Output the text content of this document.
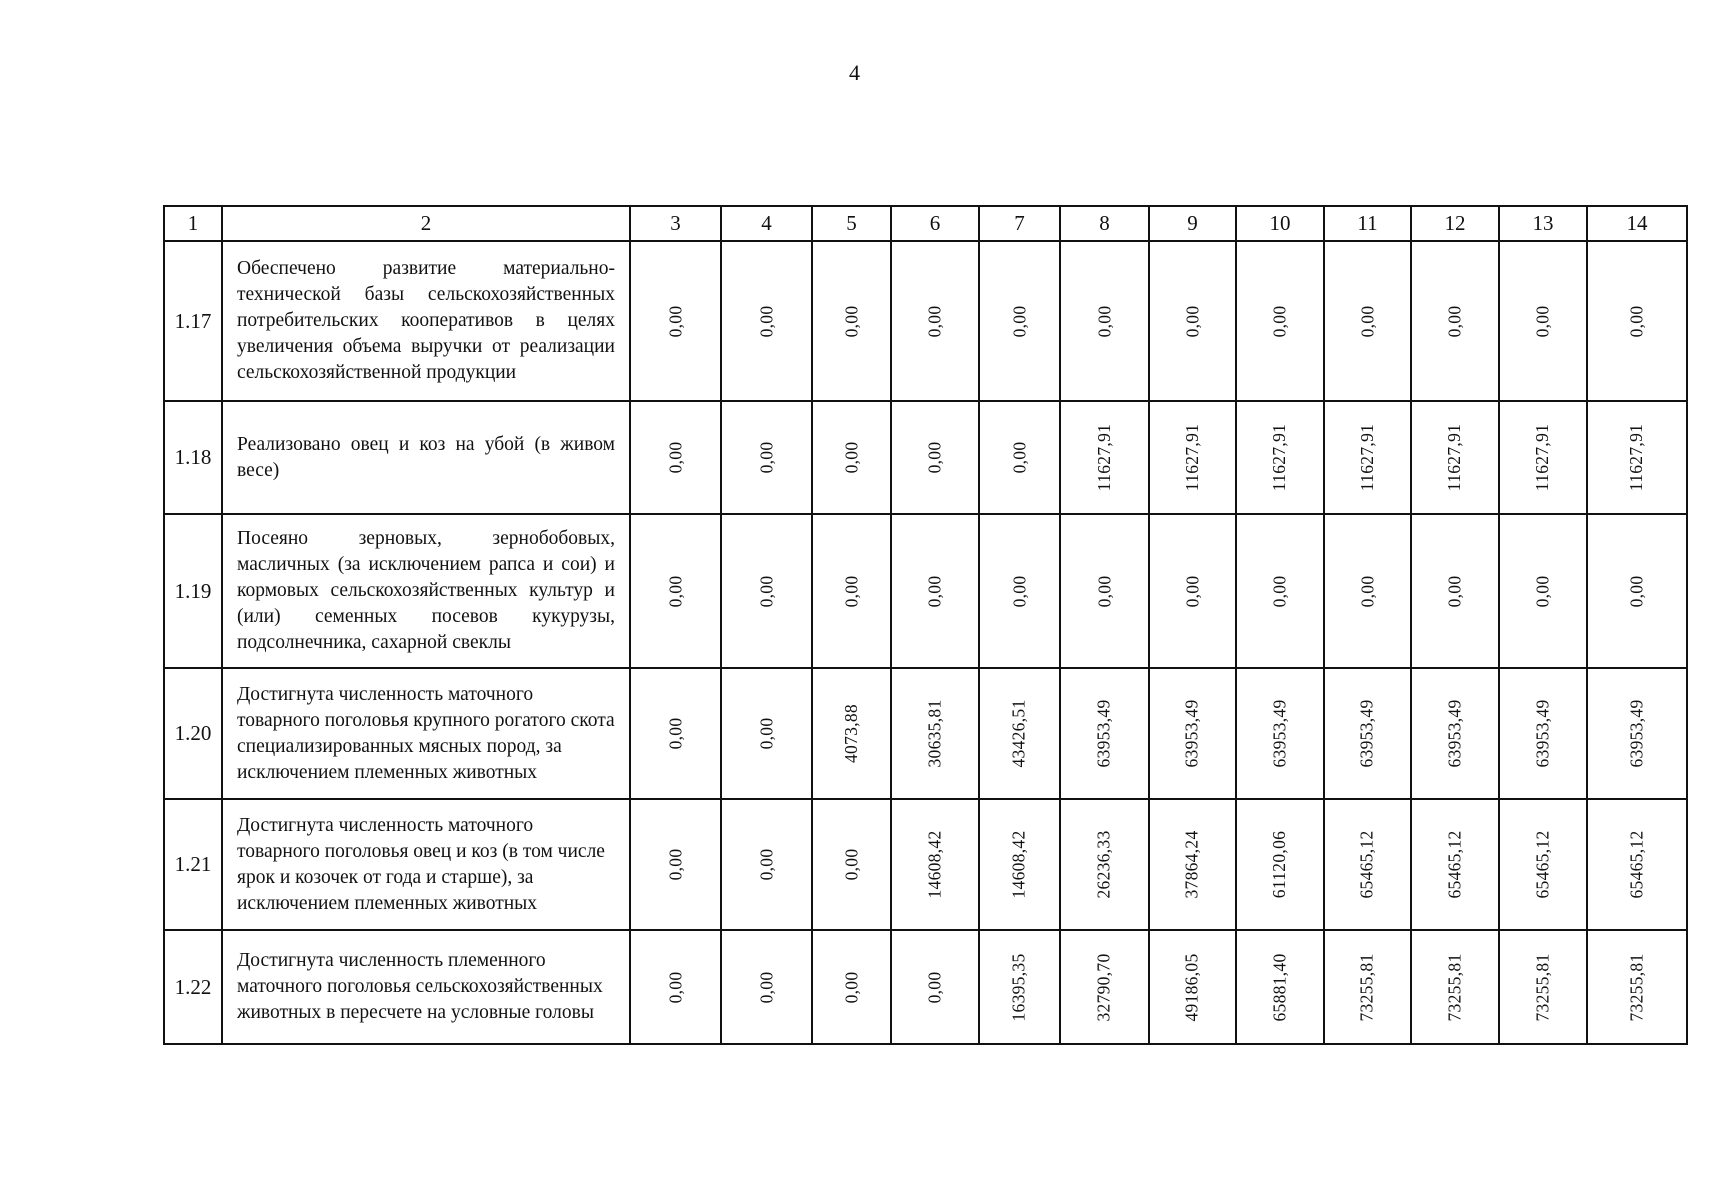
4
1	2	3	4	5	6	7	8	9	10	11	12	13	14
1.17	Обеспечено развитие материально-технической базы сельскохозяйственных потребительских кооперативов в целях увеличения объема выручки от реализации сельскохозяйственной продукции	0,00	0,00	0,00	0,00	0,00	0,00	0,00	0,00	0,00	0,00	0,00	0,00
1.18	Реализовано овец и коз на убой (в живом весе)	0,00	0,00	0,00	0,00	0,00	11627,91	11627,91	11627,91	11627,91	11627,91	11627,91	11627,91
1.19	Посеяно зерновых, зернобобовых, масличных (за исключением рапса и сои) и кормовых сельскохозяйственных культур и (или) семенных посевов кукурузы, подсолнечника, сахарной свеклы	0,00	0,00	0,00	0,00	0,00	0,00	0,00	0,00	0,00	0,00	0,00	0,00
1.20	Достигнута численность маточного товарного поголовья крупного рогатого скота специализированных мясных пород, за исключением племенных животных	0,00	0,00	4073,88	30635,81	43426,51	63953,49	63953,49	63953,49	63953,49	63953,49	63953,49	63953,49
1.21	Достигнута численность маточного товарного поголовья овец и коз (в том числе ярок и козочек от года и старше), за исключением племенных животных	0,00	0,00	0,00	14608,42	14608,42	26236,33	37864,24	61120,06	65465,12	65465,12	65465,12	65465,12
1.22	Достигнута численность племенного маточного поголовья сельскохозяйственных животных в пересчете на условные головы	0,00	0,00	0,00	0,00	16395,35	32790,70	49186,05	65881,40	73255,81	73255,81	73255,81	73255,81
